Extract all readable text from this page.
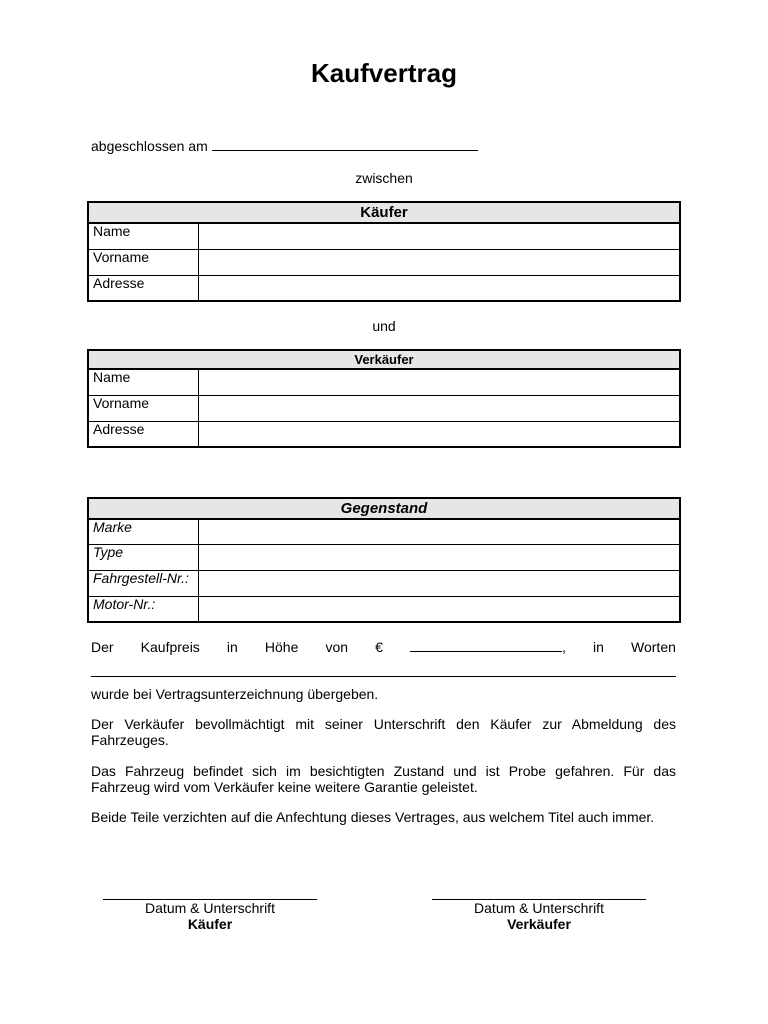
Kaufvertrag
abgeschlossen am
zwischen
Käufer	
Name	
Vorname	
Adresse	
und
Verkäufer	
Name	
Vorname	
Adresse	
Gegenstand	
Marke	
Type	
Fahrgestell-Nr.:	
Motor-Nr.:	
Der Kaufpreis in Höhe von €	, in Worten
wurde bei Vertragsunterzeichnung übergeben.
Der Verkäufer bevollmächtigt mit seiner Unterschrift den Käufer zur Abmeldung des Fahrzeuges.
Das Fahrzeug befindet sich im besichtigten Zustand und ist Probe gefahren. Für das Fahrzeug wird vom Verkäufer keine weitere Garantie geleistet.
Beide Teile verzichten auf die Anfechtung dieses Vertrages, aus welchem Titel auch immer.
Datum & Unterschrift
Käufer
Datum & Unterschrift
Verkäufer
